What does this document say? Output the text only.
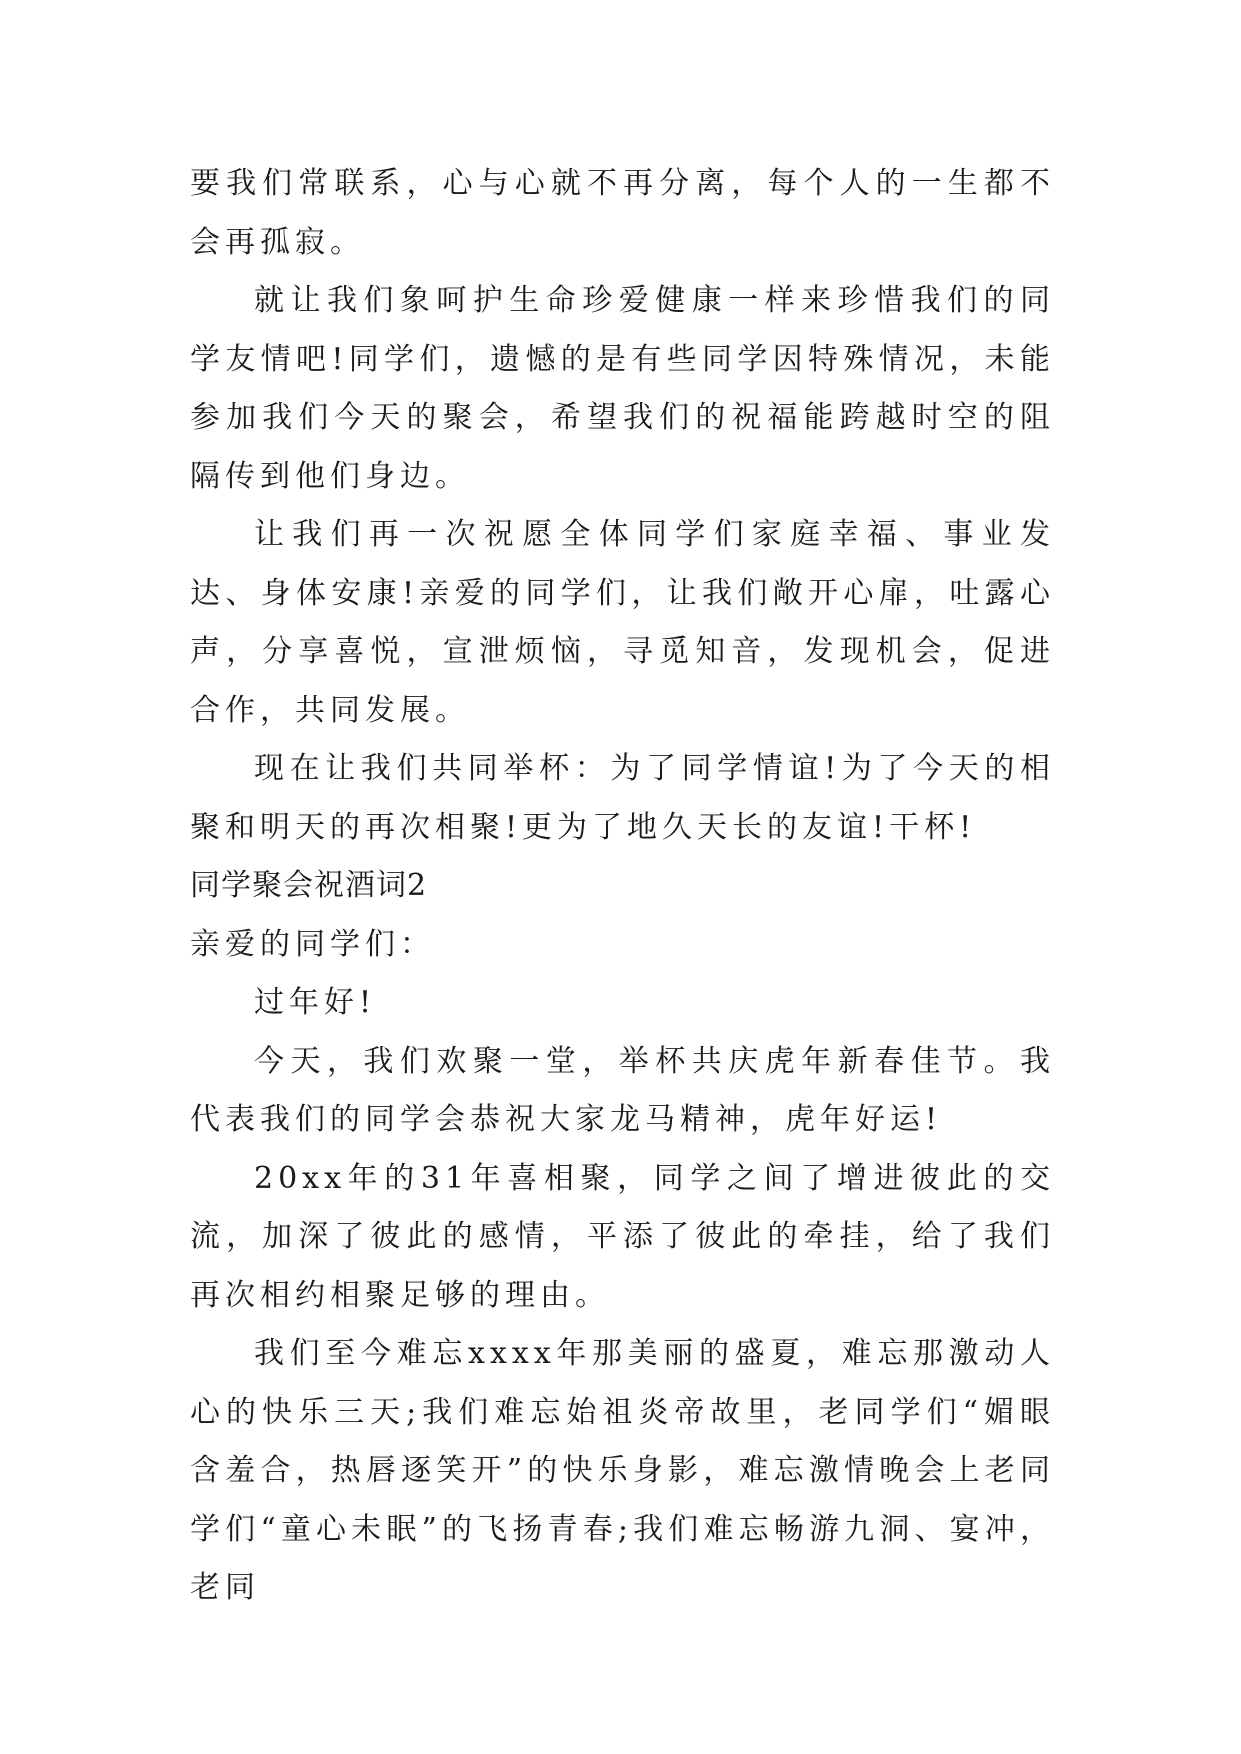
要我们常联系，心与心就不再分离，每个人的一生都不会再孤寂。

就让我们象呵护生命珍爱健康一样来珍惜我们的同学友情吧!同学们，遗憾的是有些同学因特殊情况，未能参加我们今天的聚会，希望我们的祝福能跨越时空的阻隔传到他们身边。

让我们再一次祝愿全体同学们家庭幸福、事业发达、身体安康!亲爱的同学们，让我们敞开心扉，吐露心声，分享喜悦，宣泄烦恼，寻觅知音，发现机会，促进合作，共同发展。

现在让我们共同举杯：为了同学情谊!为了今天的相聚和明天的再次相聚!更为了地久天长的友谊!干杯!

同学聚会祝酒词2

亲爱的同学们：

过年好!

今天，我们欢聚一堂，举杯共庆虎年新春佳节。我代表我们的同学会恭祝大家龙马精神，虎年好运!

20xx年的31年喜相聚，同学之间了增进彼此的交流，加深了彼此的感情，平添了彼此的牵挂，给了我们再次相约相聚足够的理由。

我们至今难忘xxxx年那美丽的盛夏，难忘那激动人心的快乐三天;我们难忘始祖炎帝故里，老同学们“媚眼含羞合，热唇逐笑开”的快乐身影，难忘激情晚会上老同学们“童心未眠”的飞扬青春;我们难忘畅游九洞、宴冲，老同
